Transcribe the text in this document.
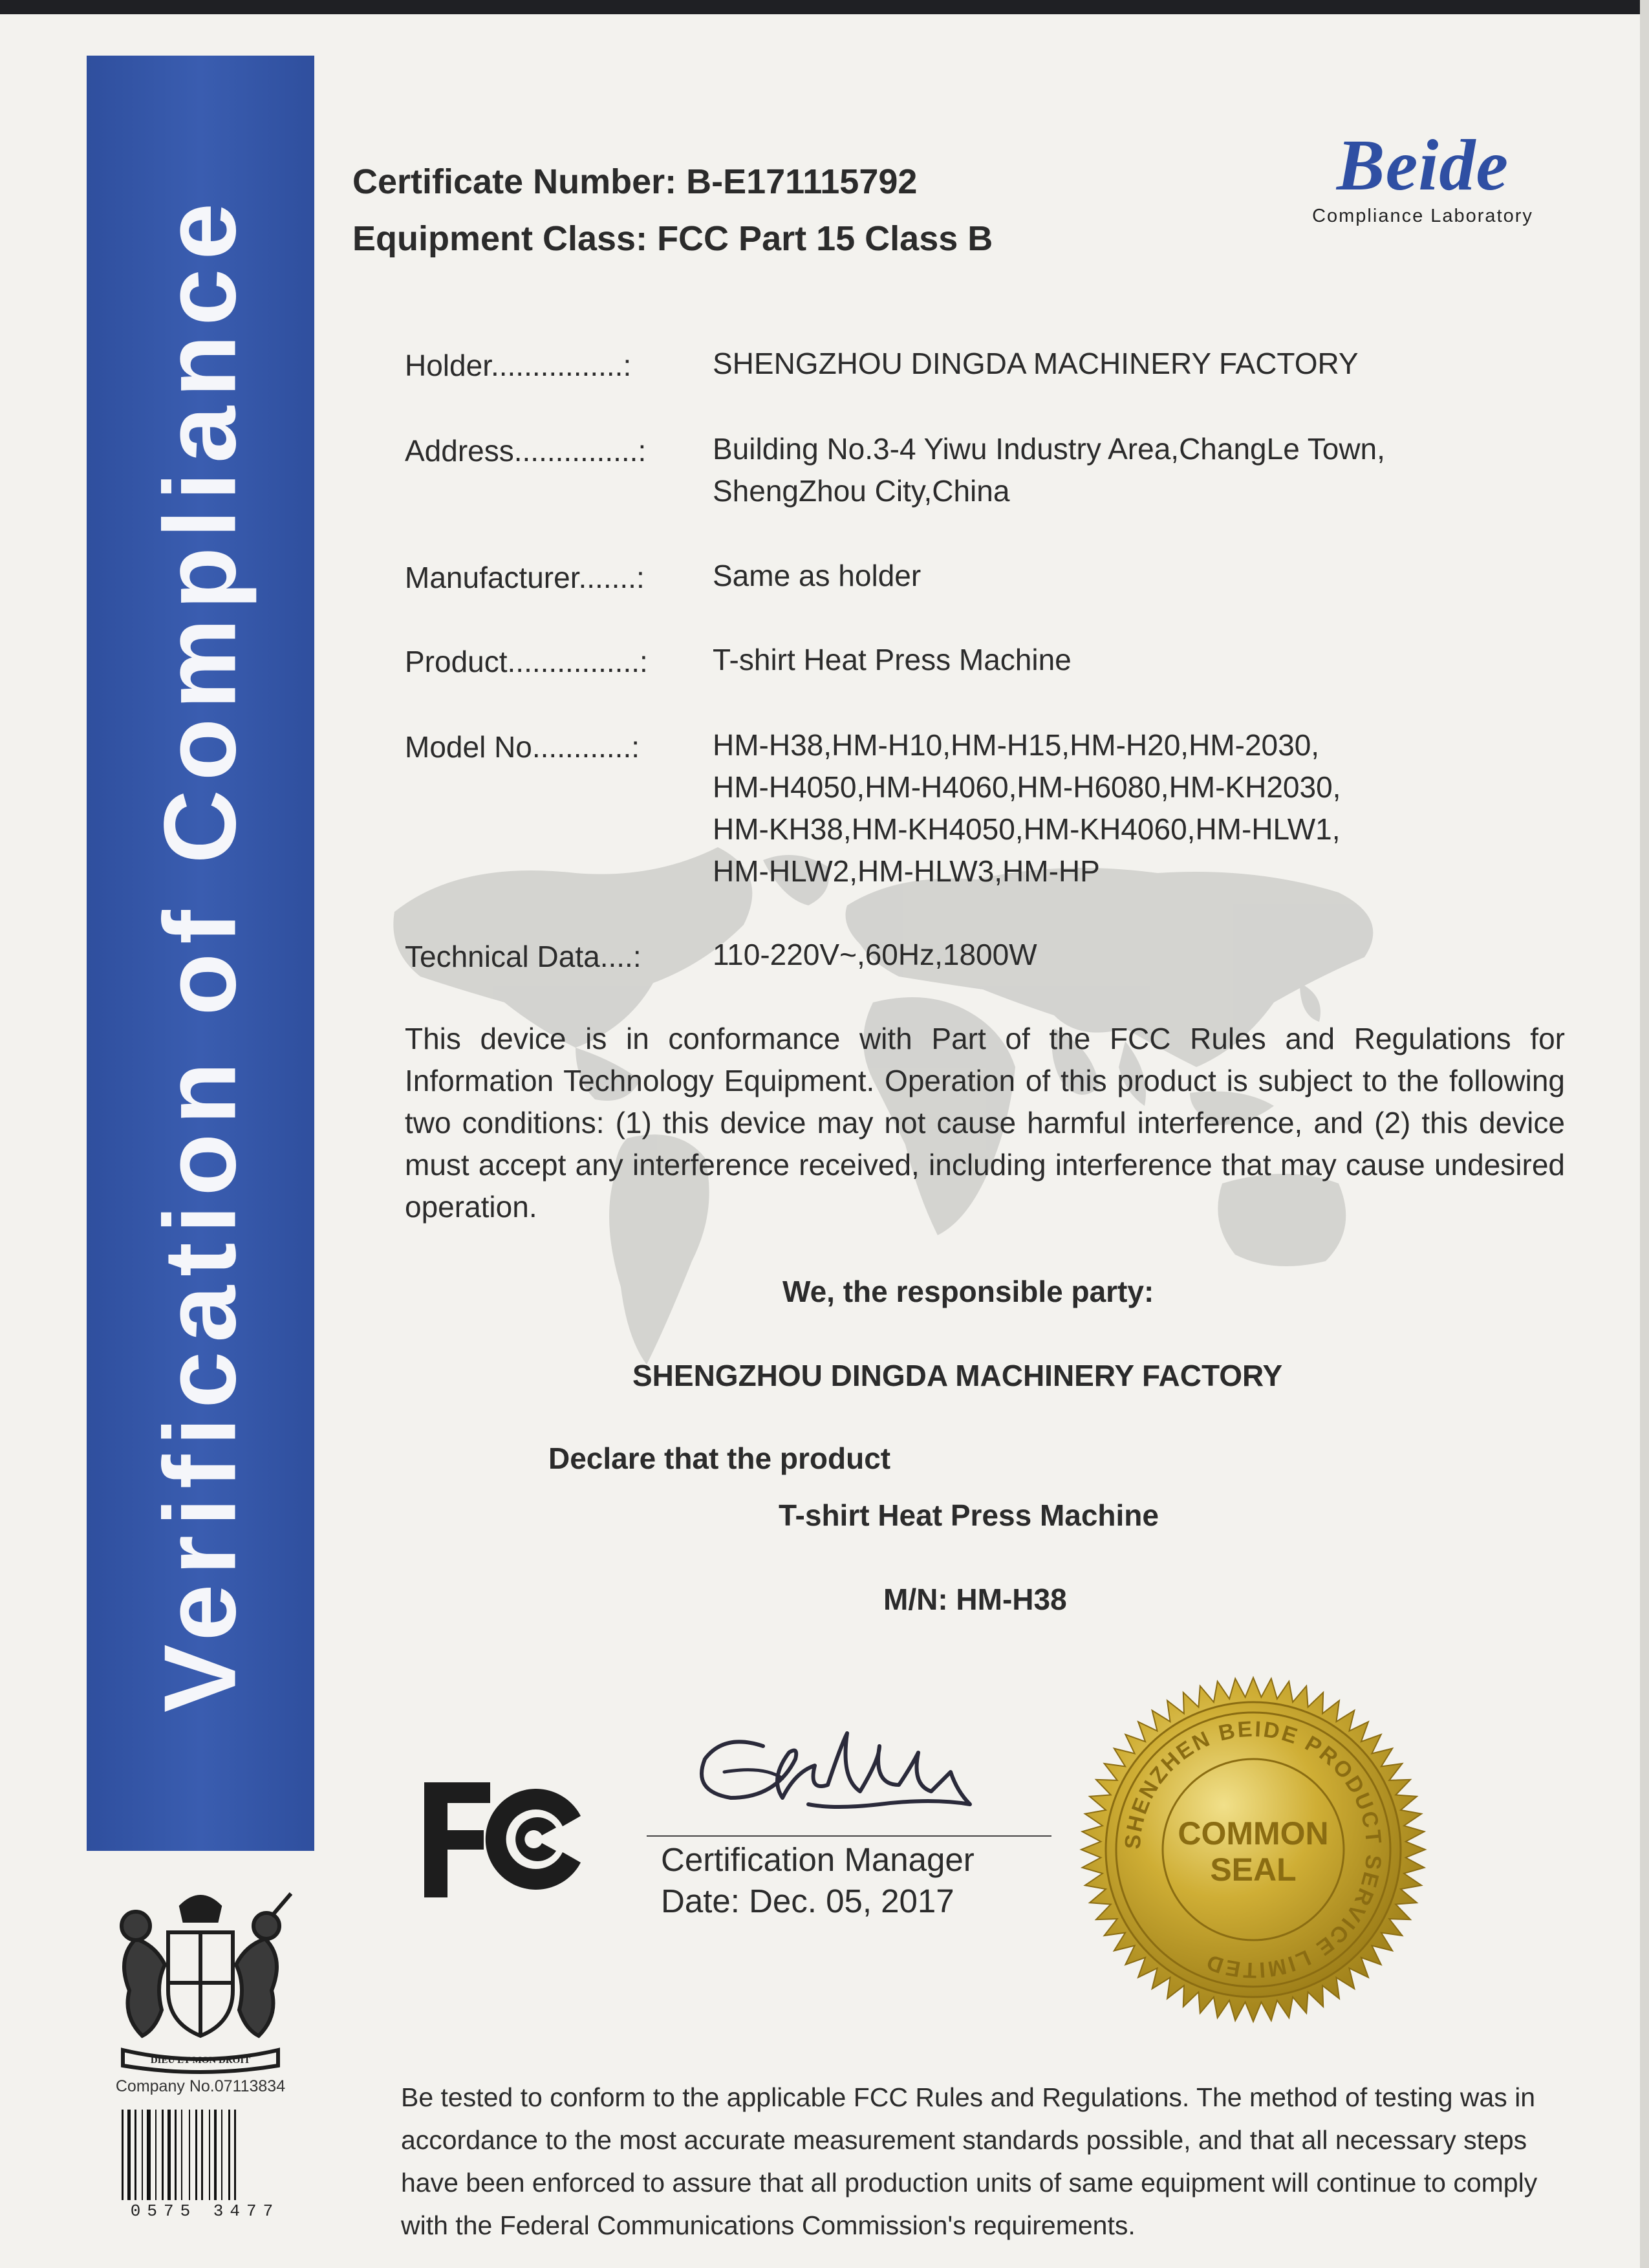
Verification of Compliance
Certificate Number: B-E171115792
Equipment Class: FCC Part 15 Class B
Beide
Compliance Laboratory
Holder................:	SHENGZHOU DINGDA MACHINERY FACTORY
Address...............: Building No.3-4 Yiwu Industry Area,ChangLe Town,
ShengZhou City,China
Manufacturer.......: Same as holder
Product................: T-shirt Heat Press Machine
Model No............: HM-H38,HM-H10,HM-H15,HM-H20,HM-2030,
HM-H4050,HM-H4060,HM-H6080,HM-KH2030,
HM-KH38,HM-KH4050,HM-KH4060,HM-HLW1,
HM-HLW2,HM-HLW3,HM-HP
Technical Data....: 110-220V~,60Hz,1800W
This device is in conformance with Part of the FCC Rules and Regulations for Information Technology Equipment. Operation of this product is subject to the following two conditions: (1) this device may not cause harmful interference, and (2) this device must accept any interference received, including interference that may cause undesired operation.
We, the responsible party:
SHENGZHOU DINGDA MACHINERY FACTORY
Declare that the product
T-shirt Heat Press Machine
M/N: HM-H38
Certification Manager
Date: Dec. 05, 2017
SHENZHEN BEIDE PRODUCT SERVICE LIMITED
COMMON
SEAL
DIEU ET MON DROIT
Company No.07113834
0575 3477
Be tested to conform to the applicable FCC Rules and Regulations. The method of testing was in accordance to the most accurate measurement standards possible, and that all necessary steps have been enforced to assure that all production units of same equipment will continue to comply with the Federal Communications Commission's requirements.
